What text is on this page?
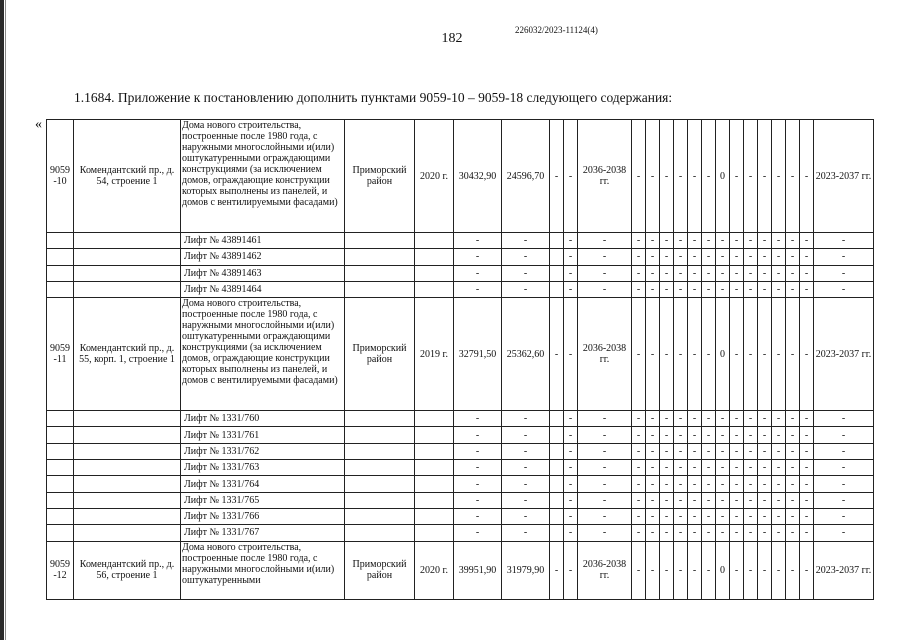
226032/2023-11124(4)
182
1.1684. Приложение к постановлению дополнить пунктами 9059-10 – 9059-18 следующего содержания:
«
9059 -10	Комендантский пр., д. 54, строение 1	Дома нового строительства, построенные после 1980 года, с наружными многослойными и(или) оштукатуренными ограждающими конструкциями (за исключением домов, ограждающие конструкции которых выполнены из панелей, и домов с вентилируемыми фасадами)	Приморский район	2020 г.	30432,90	24596,70	-	-	2036-2038 гг.	-	-	-	-	-	-	0	-	-	-	-	-	-	2023-2037 гг.
		Лифт № 43891461			-	-		-	-	-	-	-	-	-	-	-	-	-	-	-	-	-	-
		Лифт № 43891462			-	-		-	-	-	-	-	-	-	-	-	-	-	-	-	-	-	-
		Лифт № 43891463			-	-		-	-	-	-	-	-	-	-	-	-	-	-	-	-	-	-
		Лифт № 43891464			-	-		-	-	-	-	-	-	-	-	-	-	-	-	-	-	-	-
9059 -11	Комендантский пр., д. 55, корп. 1, строение 1	Дома нового строительства, построенные после 1980 года, с наружными многослойными и(или) оштукатуренными ограждающими конструкциями (за исключением домов, ограждающие конструкции которых выполнены из панелей, и домов с вентилируемыми фасадами)	Приморский район	2019 г.	32791,50	25362,60	-	-	2036-2038 гг.	-	-	-	-	-	-	0	-	-	-	-	-	-	2023-2037 гг.
		Лифт № 1331/760			-	-		-	-	-	-	-	-	-	-	-	-	-	-	-	-	-	-
		Лифт № 1331/761			-	-		-	-	-	-	-	-	-	-	-	-	-	-	-	-	-	-
		Лифт № 1331/762			-	-		-	-	-	-	-	-	-	-	-	-	-	-	-	-	-	-
		Лифт № 1331/763			-	-		-	-	-	-	-	-	-	-	-	-	-	-	-	-	-	-
		Лифт № 1331/764			-	-		-	-	-	-	-	-	-	-	-	-	-	-	-	-	-	-
		Лифт № 1331/765			-	-		-	-	-	-	-	-	-	-	-	-	-	-	-	-	-	-
		Лифт № 1331/766			-	-		-	-	-	-	-	-	-	-	-	-	-	-	-	-	-	-
		Лифт № 1331/767			-	-		-	-	-	-	-	-	-	-	-	-	-	-	-	-	-	-
9059 -12	Комендантский пр., д. 56, строение 1	Дома нового строительства, построенные после 1980 года, с наружными многослойными и(или) оштукатуренными	Приморский район	2020 г.	39951,90	31979,90	-	-	2036-2038 гг.	-	-	-	-	-	-	0	-	-	-	-	-	-	2023-2037 гг.
